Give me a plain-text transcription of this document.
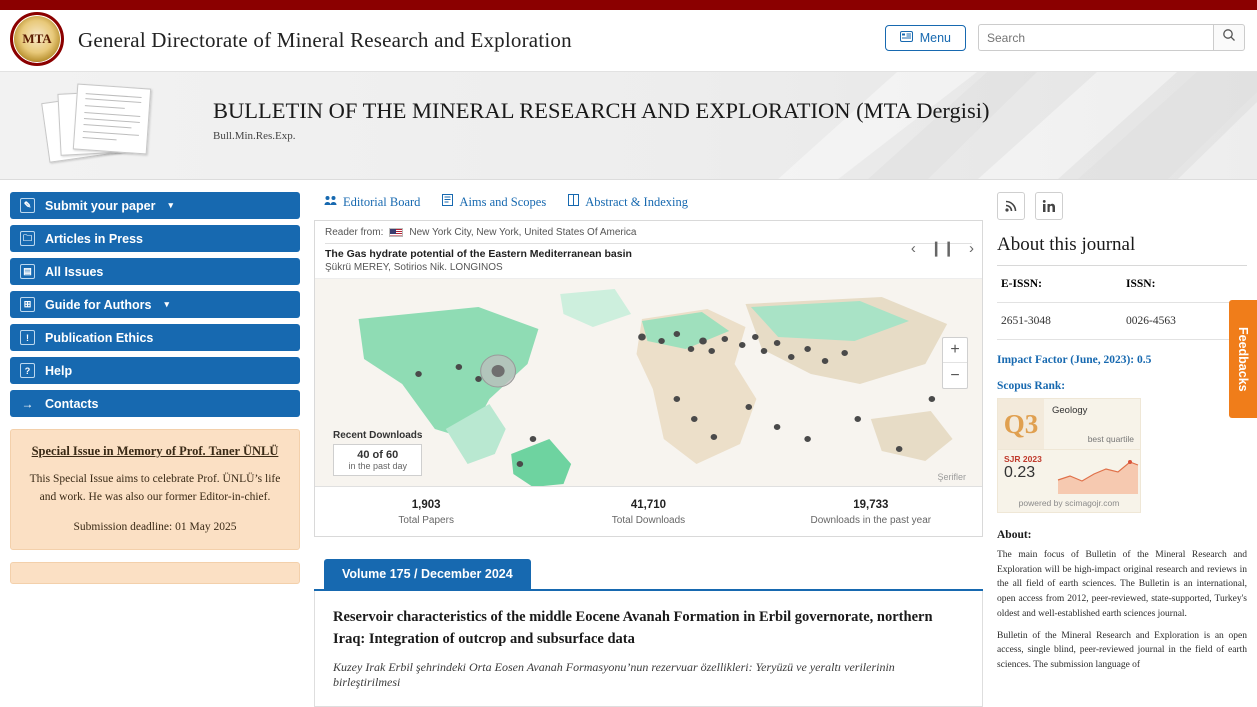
MTA General Directorate of Mineral Research and Exploration	Menu
Search
BULLETIN OF THE MINERAL RESEARCH AND EXPLORATION (MTA Dergisi)
Bull.Min.Res.Exp.
✎ Submit your paper ▾
🗀 Articles in Press
▤ All Issues
⊞ Guide for Authors ▾
!	Publication Ethics
?	Help
→ Contacts
Special Issue in Memory of Prof. Taner ÜNLÜ
This Special Issue aims to celebrate Prof. ÜNLÜ’s life and work. He was also our former Editor-in-chief.
Submission deadline: 01 May 2025
Editorial Board	Aims and Scopes	Abstract & Indexing
Reader from:	New York City, New York, United States Of America
The Gas hydrate potential of the Eastern Mediterranean basin
Şükrü MEREY, Sotirios Nik. LONGINOS
‹ ❙❙ ›
+
−
Recent Downloads
40 of 60
in the past day
Şerifler
1,903
Total Papers
41,710
Total Downloads
19,733
Downloads in the past year
Volume 175 / December 2024
Reservoir characteristics of the middle Eocene Avanah Formation in Erbil governorate, northern Iraq: Integration of outcrop and subsurface data
Kuzey Irak Erbil şehrindeki Orta Eosen Avanah Formasyonu’nun rezervuar özellikleri: Yeryüzü ve yeraltı verilerinin birleştirilmesi
About this journal
E-ISSN:	ISSN:
2651-3048	0026-4563
Impact Factor (June, 2023): 0.5
Scopus Rank:
Q3	Geology
best quartile
SJR 2023
0.23
powered by scimagojr.com
About:
The main focus of Bulletin of the Mineral Research and Exploration will be high-impact original research and reviews in the all field of earth sciences. The Bulletin is an international, open access from 2012, peer-reviewed, state-supported, Turkey's oldest and well-established earth sciences journal.
Bulletin of the Mineral Research and Exploration is an open access, single blind, peer-reviewed journal in the field of earth sciences. The submission language of
Feedbacks
